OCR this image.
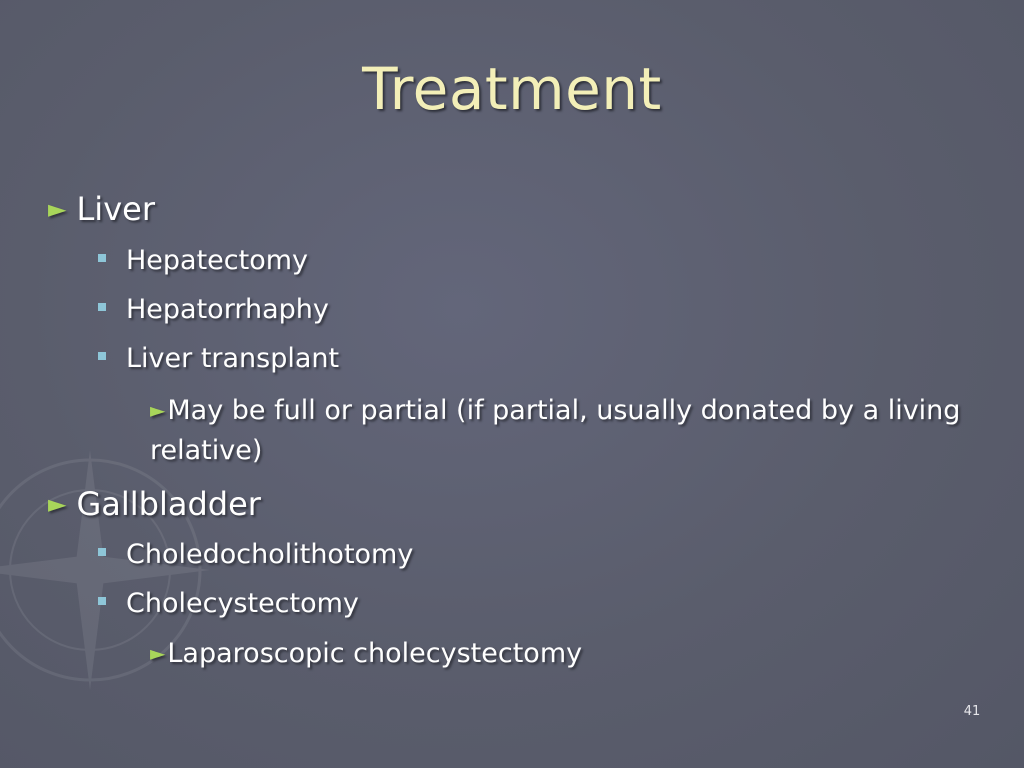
Treatment
► Liver
Hepatectomy
Hepatorrhaphy
Liver transplant
►May be full or partial (if partial, usually donated by a living relative)
► Gallbladder
Choledocholithotomy
Cholecystectomy
►Laparoscopic cholecystectomy
41
